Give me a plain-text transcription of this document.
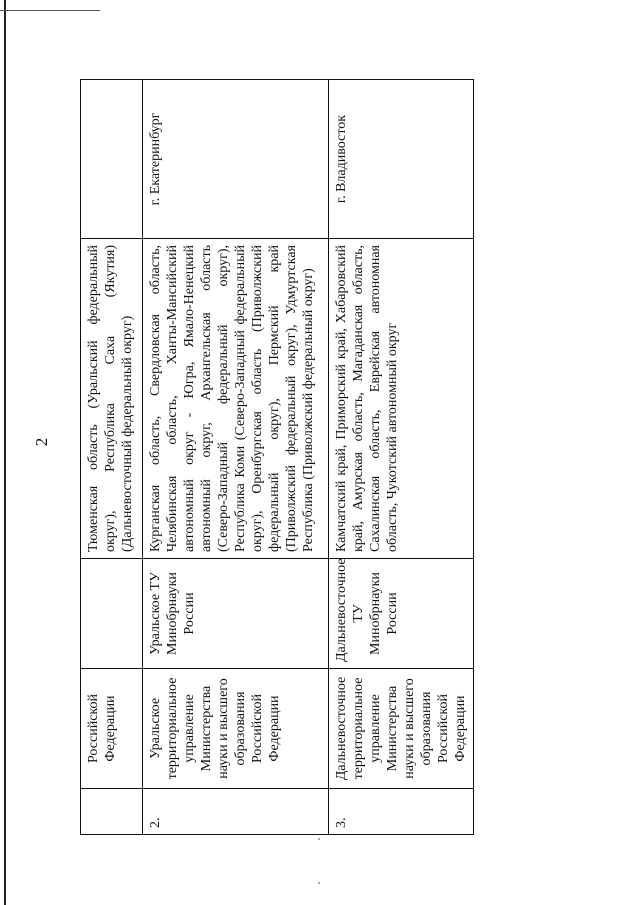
2
	Российской Федерации		Тюменская область (Уральский федеральный округ), Республика Саха (Якутия) (Дальневосточный федеральный округ)	
2.	Уральское территориальное управление Министерства науки и высшего образования Российской Федерации	Уральское ТУ Минобрнауки России	Курганская область, Свердловская область, Челябинская область, Ханты-Мансийский автономный округ - Югра, Ямало-Ненецкий автономный округ, Архангельская область (Северо-Западный федеральный округ), Республика Коми (Северо-Западный федеральный округ), Оренбургская область (Приволжский федеральный округ), Пермский край (Приволжский федеральный округ), Удмуртская Республика (Приволжский федеральный округ)	г. Екатеринбург
3.	Дальневосточное территориальное управление Министерства науки и высшего образования Российской Федерации	Дальневосточное ТУ Минобрнауки России	Камчатский край, Приморский край, Хабаровский край, Амурская область, Магаданская область, Сахалинская область, Еврейская автономная область, Чукотский автономный округ	г. Владивосток
